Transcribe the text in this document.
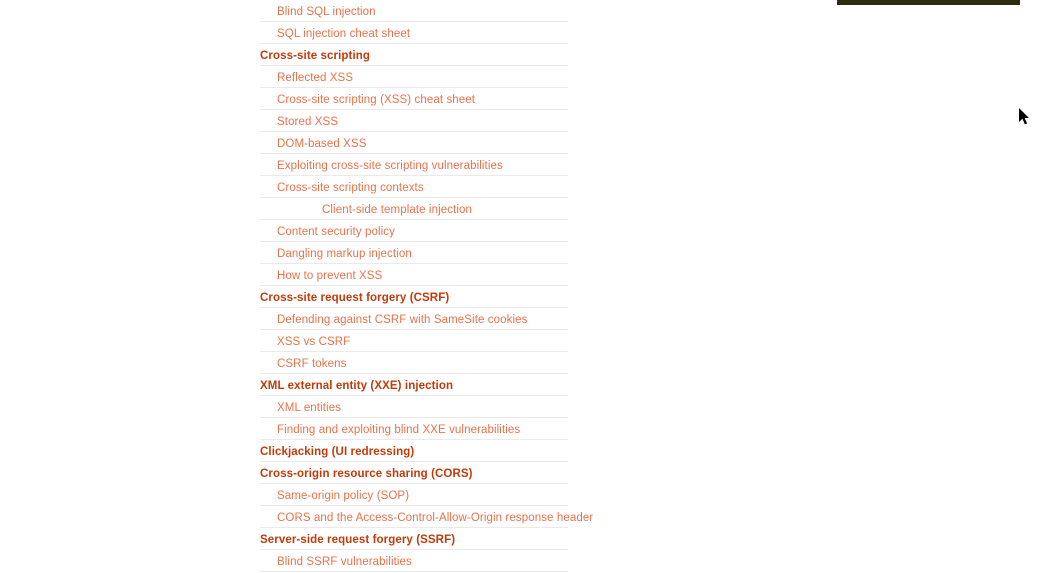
Blind SQL injection
SQL injection cheat sheet
Cross-site scripting
Reflected XSS
Cross-site scripting (XSS) cheat sheet
Stored XSS
DOM-based XSS
Exploiting cross-site scripting vulnerabilities
Cross-site scripting contexts
Client-side template injection
Content security policy
Dangling markup injection
How to prevent XSS
Cross-site request forgery (CSRF)
Defending against CSRF with SameSite cookies
XSS vs CSRF
CSRF tokens
XML external entity (XXE) injection
XML entities
Finding and exploiting blind XXE vulnerabilities
Clickjacking (UI redressing)
Cross-origin resource sharing (CORS)
Same-origin policy (SOP)
CORS and the Access-Control-Allow-Origin response header
Server-side request forgery (SSRF)
Blind SSRF vulnerabilities
